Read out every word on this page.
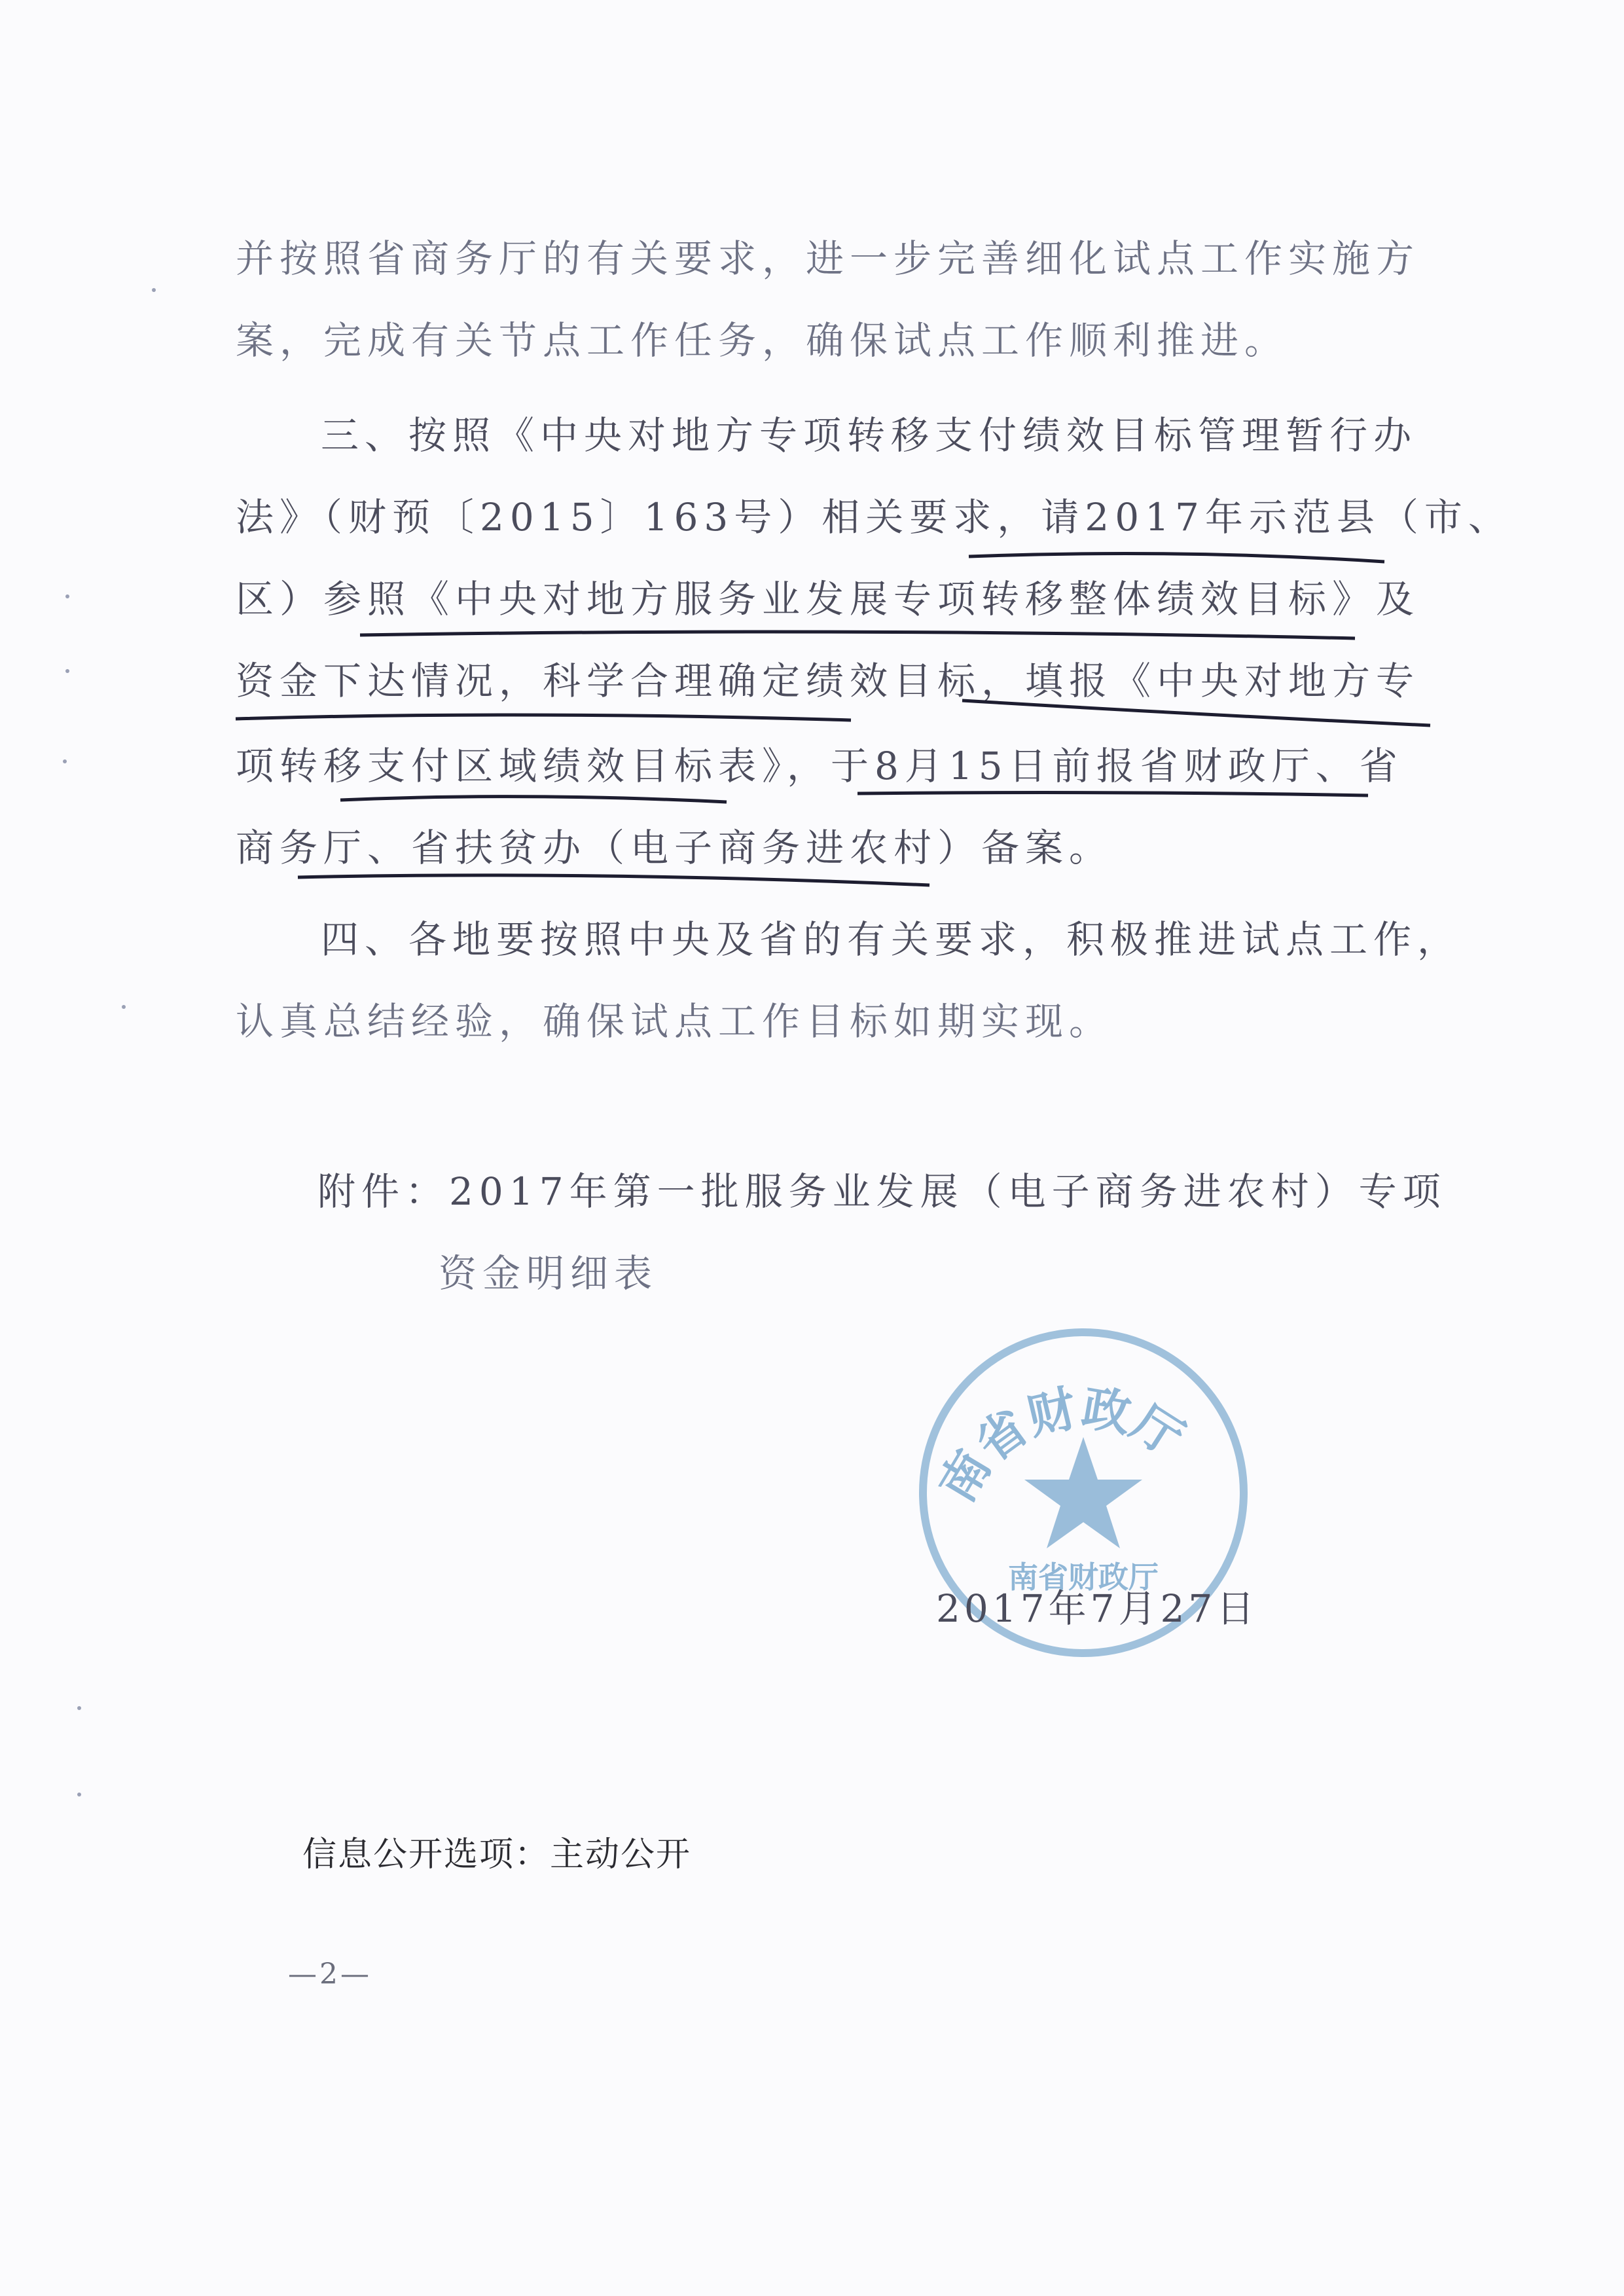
并按照省商务厅的有关要求，进一步完善细化试点工作实施方
案，完成有关节点工作任务，确保试点工作顺利推进。
三、按照《中央对地方专项转移支付绩效目标管理暂行办
法》（财预〔2015〕163号）相关要求，请2017年示范县（市、
区）参照《中央对地方服务业发展专项转移整体绩效目标》及
资金下达情况，科学合理确定绩效目标，填报《中央对地方专
项转移支付区域绩效目标表》，于8月15日前报省财政厅、省
商务厅、省扶贫办（电子商务进农村）备案。
四、各地要按照中央及省的有关要求，积极推进试点工作，
认真总结经验，确保试点工作目标如期实现。
附件：2017年第一批服务业发展（电子商务进农村）专项
资金明细表
南省财政厅
南省财政厅
2017年7月27日
信息公开选项：主动公开
—2—
